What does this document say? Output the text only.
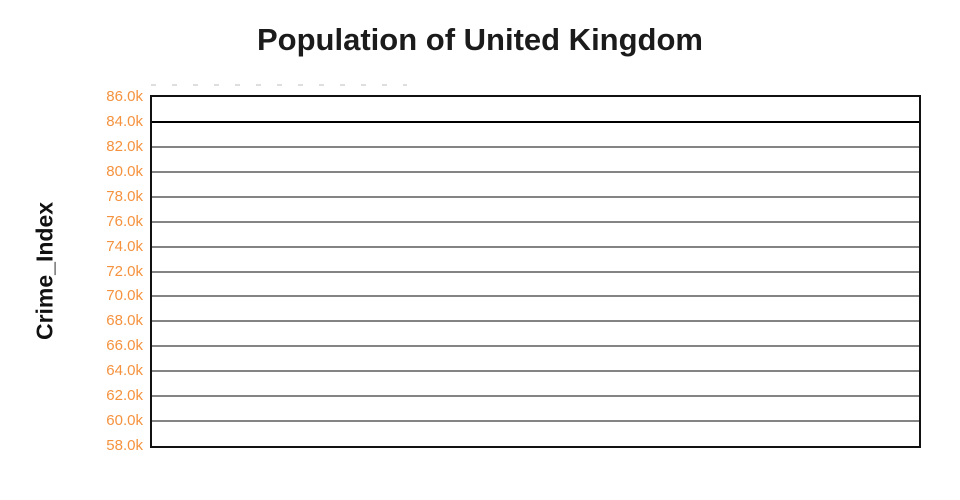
Population of United Kingdom
Crime_Index
86.0k
84.0k
82.0k
80.0k
78.0k
76.0k
74.0k
72.0k
70.0k
68.0k
66.0k
64.0k
62.0k
60.0k
58.0k
